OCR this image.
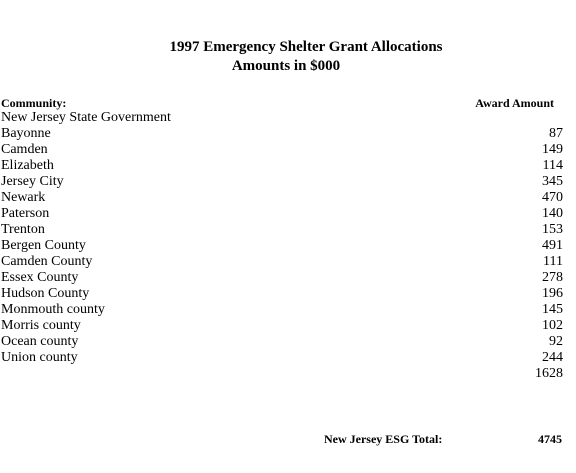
1997 Emergency Shelter Grant Allocations
Amounts in $000
Community:	Award Amount
New Jersey State Government
Bayonne	87
Camden	149
Elizabeth	114
Jersey City	345
Newark	470
Paterson	140
Trenton	153
Bergen County	491
Camden County	111
Essex County	278
Hudson County	196
Monmouth county	145
Morris county	102
Ocean county	92
Union county	244
1628
New Jersey ESG Total:	4745
